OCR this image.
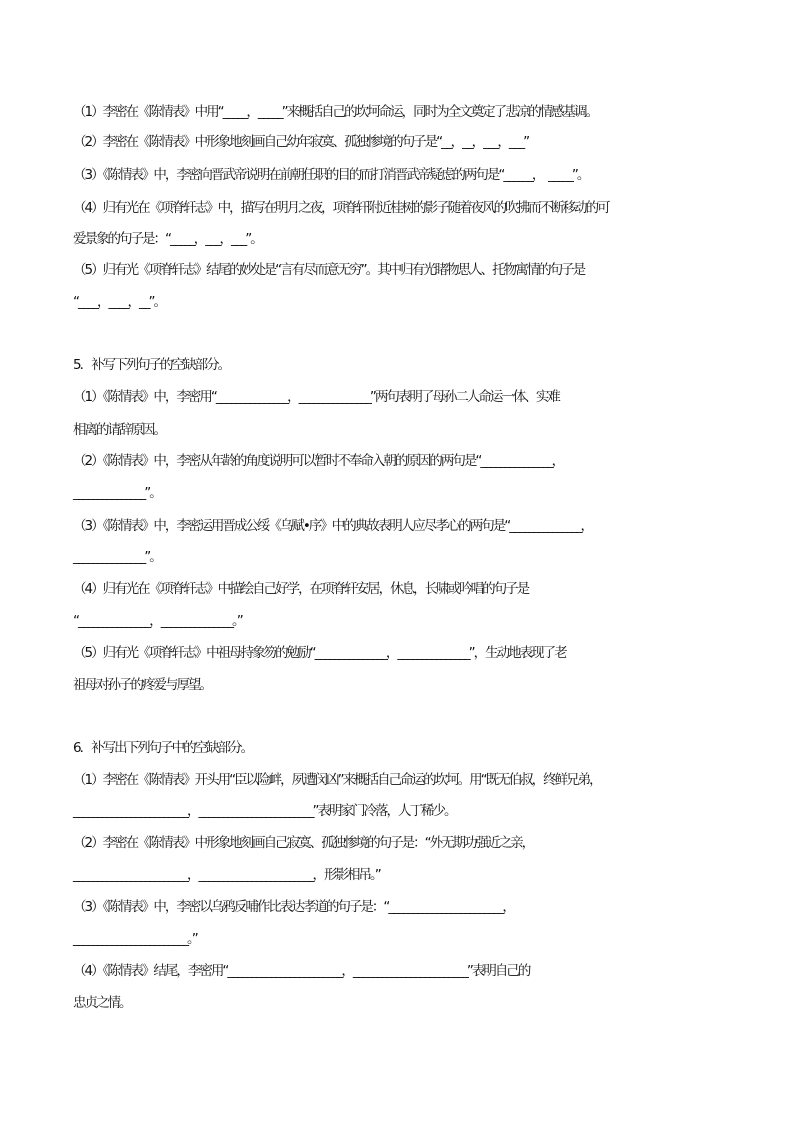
（1）李密在《陈情表》中用“_____，_____”来概括自己的坎坷命运，同时为全文奠定了悲凉的情感基调。
（2）李密在《陈情表》中形象地刻画自己幼年寂寞、孤独惨境的句子是“__，__，___，___”
（3）《陈情表》中，李密向晋武帝说明在前朝任职的目的而打消晋武帝疑虑的两句是“______，　_____”。
（4）归有光在《项脊轩志》中，描写在明月之夜，项脊轩附近桂树的影子随着夜风的吹拂而不断移动的可
爱景象的句子是：“_____，___，___”。
（5）归有光《项脊轩志》结尾的妙处是“言有尽而意无穷”。其中归有光睹物思人、托物寓情的句子是
“____，____，__”。
5．补写下列句子的空缺部分。
（1）《陈情表》中，李密用“_______________，_______________”两句表明了母孙二人命运一体、实难
相离的请辞原因。
（2）《陈情表》中，李密从年龄的角度说明可以暂时不奉命入朝的原因的两句是“_______________，
_______________”。
（3）《陈情表》中，李密运用晋成公绥《乌赋•序》中的典故表明人应尽孝心的两句是“_______________，
_______________”。
（4）归有光在《项脊轩志》中描绘自己好学，在项脊轩安居，休息，长啸或吟唱的句子是
“_______________，_______________。”
（5）归有光《项脊轩志》中祖母持象笏的勉励“_______________，_______________”，生动地表现了老
祖母对孙子的疼爱与厚望。
6．补写出下列句子中的空缺部分。
（1）李密在《陈情表》开头用“臣以险衅，夙遭闵凶”来概括自己命运的坎坷。用“既无伯叔，终鲜兄弟，
________________________，________________________”表明家门冷落，人丁稀少。
（2）李密在《陈情表》中形象地刻画自己寂寞、孤独惨境的句子是：“外无期功强近之亲，
________________________，________________________，形影相吊。”
（3）《陈情表》中，李密以乌鸦反哺作比表达孝道的句子是：“________________________，
________________________。”
（4）《陈情表》结尾，李密用“________________________，________________________”表明自己的
忠贞之情。
